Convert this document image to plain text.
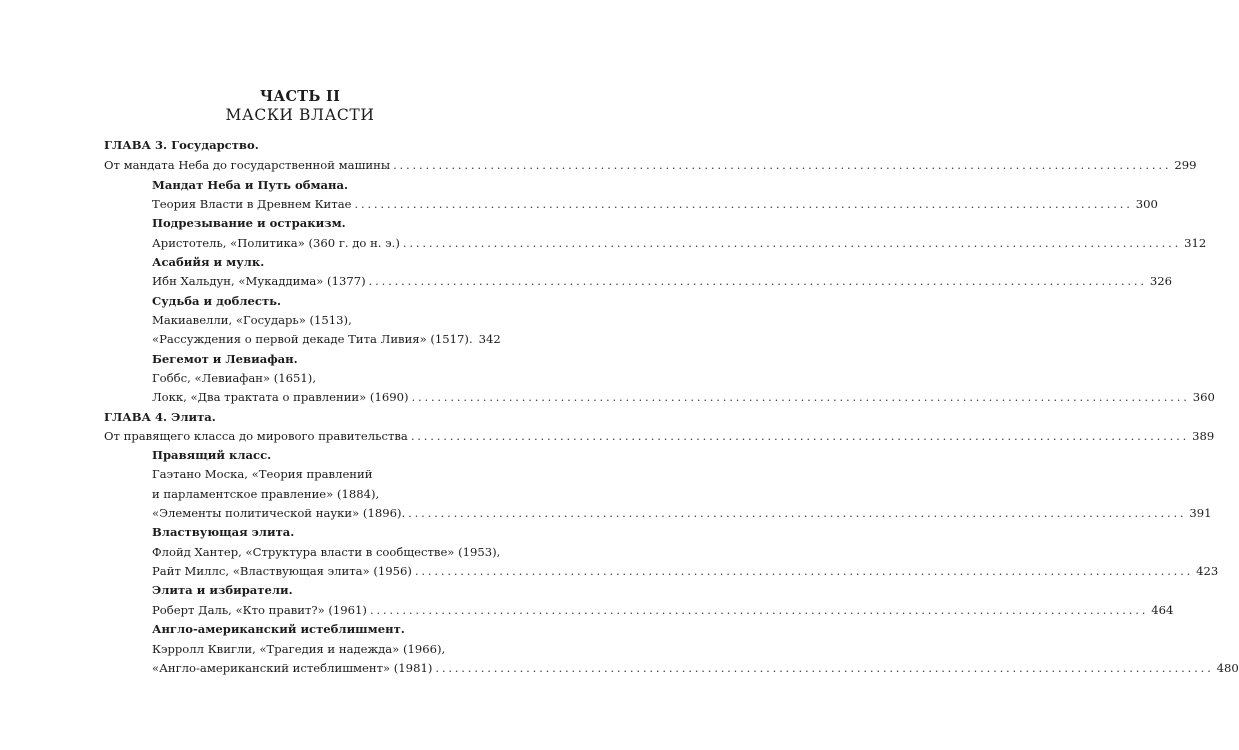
ЧАСТЬ II
МАСКИ ВЛАСТИ
ГЛАВА 3. Государство.
От мандата Неба до государственной машины ........................................................................................................................ 299
Мандат Неба и Путь обмана.
Теория Власти в Древнем Китае ........................................................................................................................ 300
Подрезывание и остракизм.
Аристотель, «Политика» (360 г. до н. э.) ........................................................................................................................ 312
Асабийя и мулк.
Ибн Хальдун, «Мукаддима» (1377) ........................................................................................................................ 326
Судьба и доблесть.
Макиавелли, «Государь» (1513),
«Рассуждения о первой декаде Тита Ливия» (1517). 342
Бегемот и Левиафан.
Гоббс, «Левиафан» (1651),
Локк, «Два трактата о правлении» (1690) ........................................................................................................................ 360
ГЛАВА 4. Элита.
От правящего класса до мирового правительства ........................................................................................................................ 389
Правящий класс.
Гаэтано Моска, «Теория правлений
и парламентское правление» (1884),
«Элементы политической науки» (1896). ........................................................................................................................ 391
Властвующая элита.
Флойд Хантер, «Структура власти в сообществе» (1953),
Райт Миллс, «Властвующая элита» (1956) ........................................................................................................................ 423
Элита и избиратели.
Роберт Даль, «Кто правит?» (1961) ........................................................................................................................ 464
Англо-американский истеблишмент.
Кэрролл Квигли, «Трагедия и надежда» (1966),
«Англо-американский истеблишмент» (1981) ........................................................................................................................ 480
